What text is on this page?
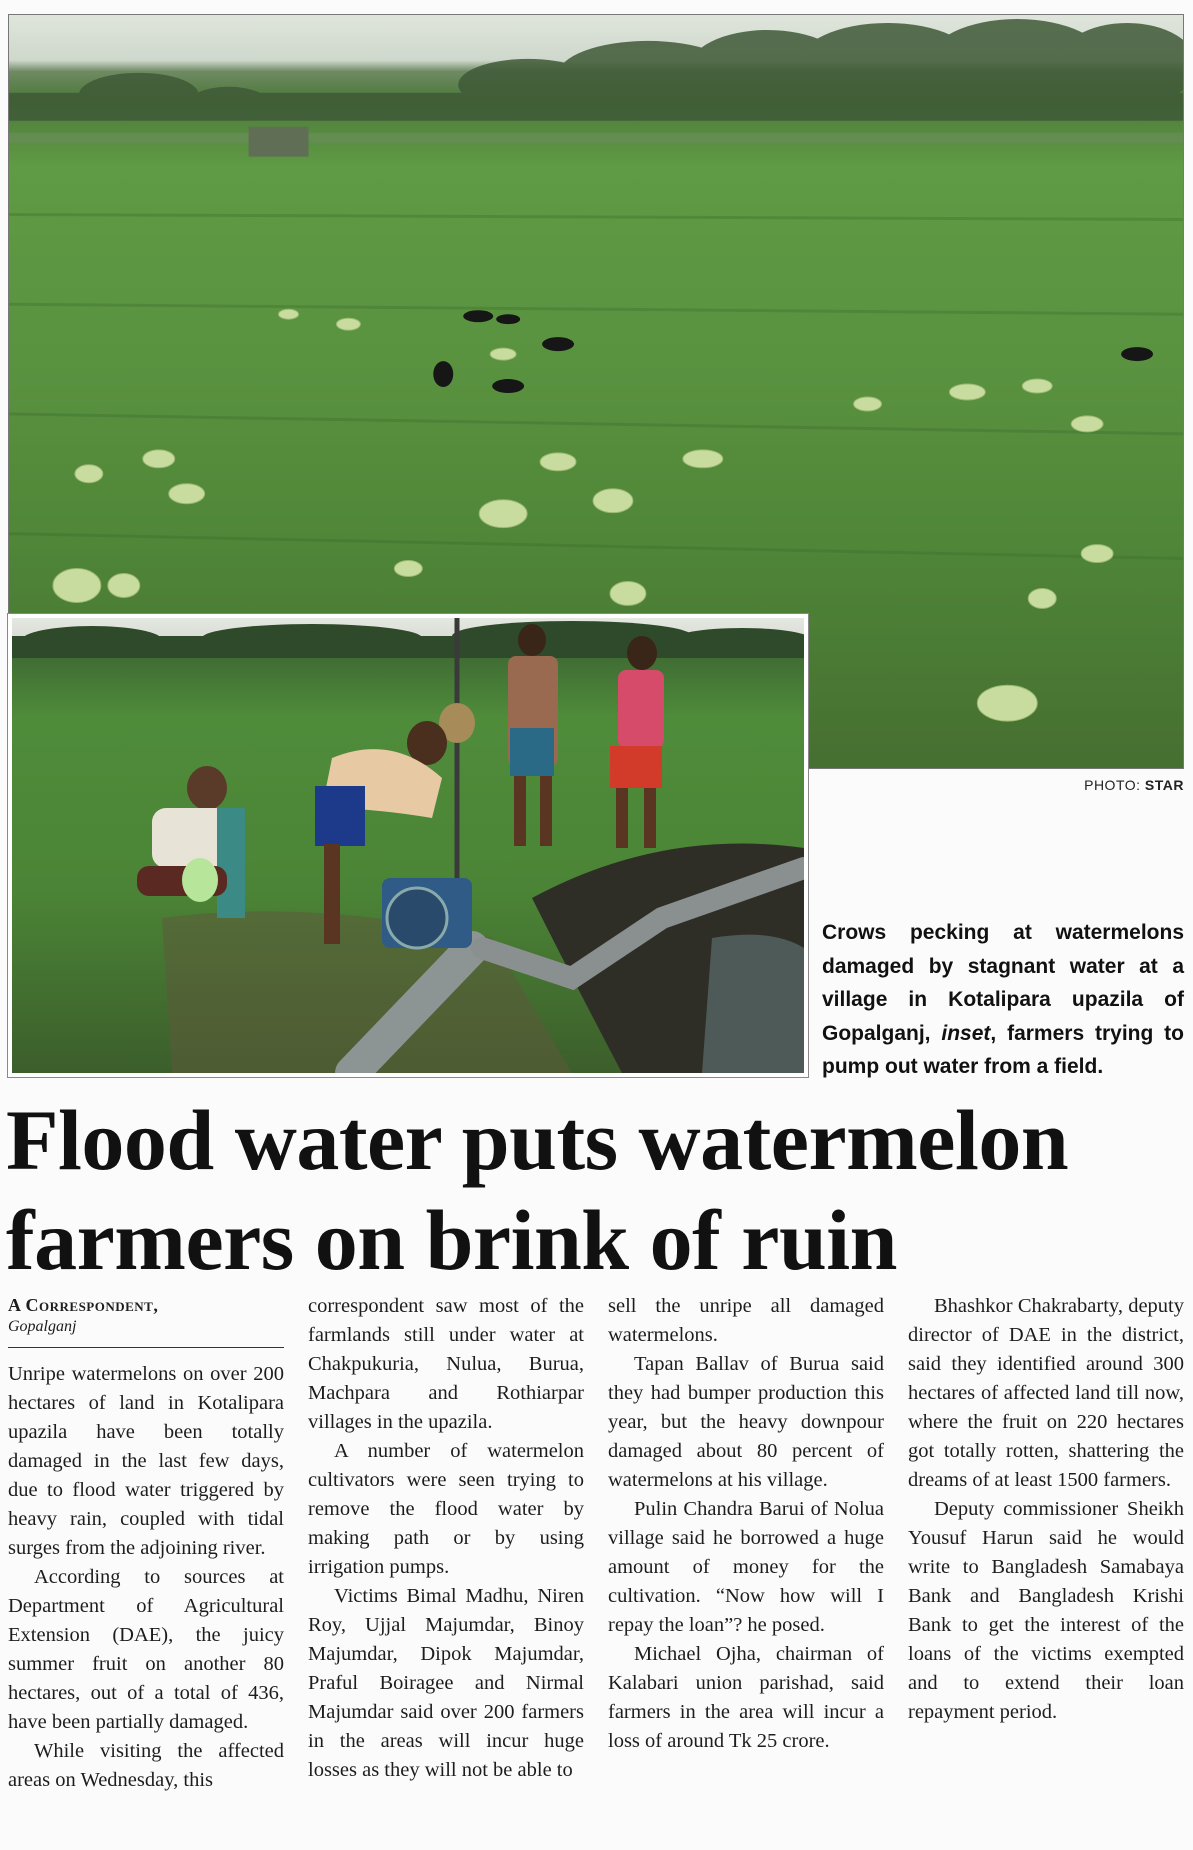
PHOTO: STAR
Crows pecking at watermelons damaged by stagnant water at a village in Kotalipara upazila of Gopalganj, inset, farmers trying to pump out water from a field.
Flood water puts watermelon farmers on brink of ruin
A Correspondent,
Gopalganj

Unripe watermelons on over 200 hectares of land in Kotalipara upazila have been totally damaged in the last few days, due to flood water triggered by heavy rain, coupled with tidal surges from the adjoining river.

According to sources at Department of Agricultural Extension (DAE), the juicy summer fruit on another 80 hectares, out of a total of 436, have been partially damaged.

While visiting the affected areas on Wednesday, this

correspondent saw most of the farmlands still under water at Chakpukuria, Nulua, Burua, Machpara and Rothiarpar villages in the upazila.

A number of watermelon cultivators were seen trying to remove the flood water by making path or by using irrigation pumps.

Victims Bimal Madhu, Niren Roy, Ujjal Majumdar, Binoy Majumdar, Dipok Majumdar, Praful Boiragee and Nirmal Majumdar said over 200 farmers in the areas will incur huge losses as they will not be able to

sell the unripe all damaged watermelons.

Tapan Ballav of Burua said they had bumper production this year, but the heavy downpour damaged about 80 percent of watermelons at his village.

Pulin Chandra Barui of Nolua village said he borrowed a huge amount of money for the cultivation. “Now how will I repay the loan”? he posed.

Michael Ojha, chairman of Kalabari union parishad, said farmers in the area will incur a loss of around Tk 25 crore.

Bhashkor Chakrabarty, deputy director of DAE in the district, said they identified around 300 hectares of affected land till now, where the fruit on 220 hectares got totally rotten, shattering the dreams of at least 1500 farmers.

Deputy commissioner Sheikh Yousuf Harun said he would write to Bangladesh Samabaya Bank and Bangladesh Krishi Bank to get the interest of the loans of the victims exempted and to extend their loan repayment period.
